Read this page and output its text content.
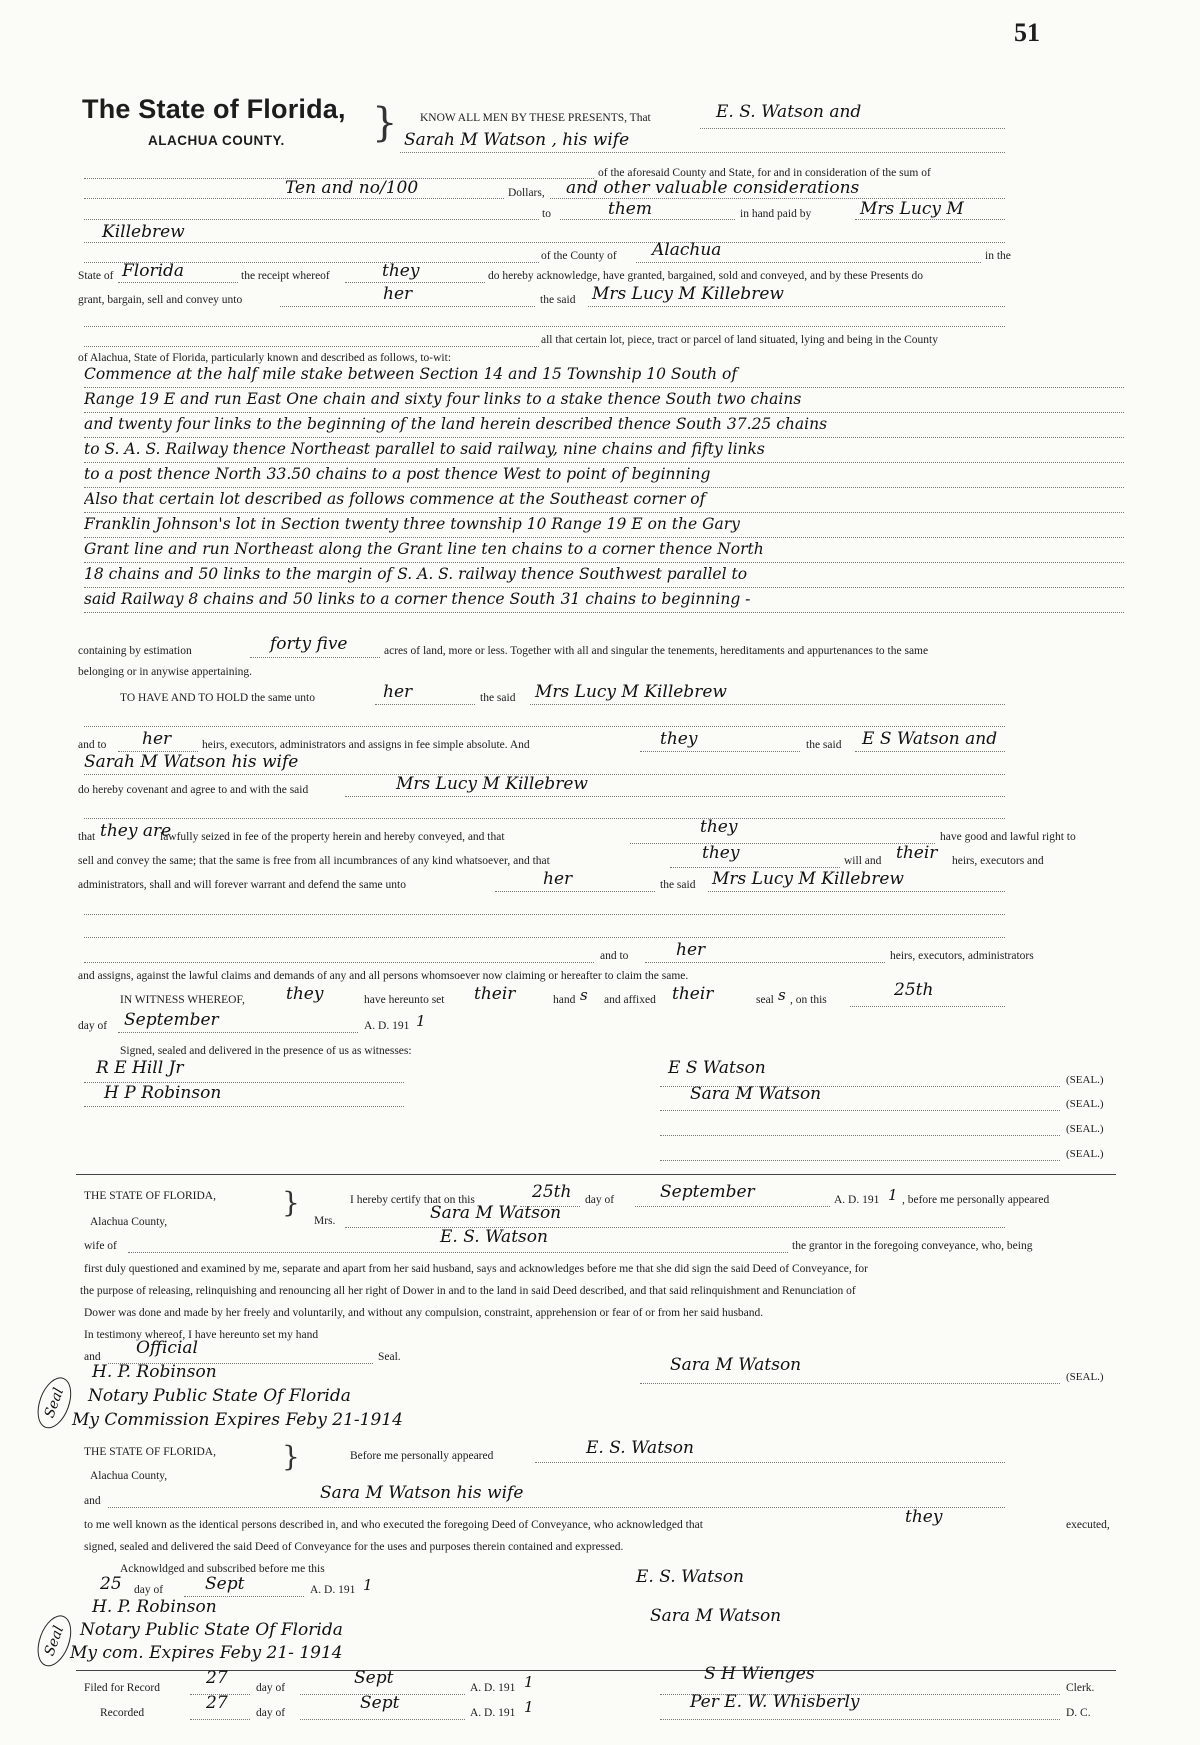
51
The State of Florida,
ALACHUA COUNTY. } KNOW ALL MEN BY THESE PRESENTS, That	E. S. Watson and
Sarah M Watson , his wife
of the aforesaid County and State, for and in consideration of the sum of
Ten and no/100	Dollars, and other valuable considerations
to	them	in hand paid by	Mrs Lucy M
Killebrew
of the County of Alachua	in the
State of Florida	the receipt whereof	they	do hereby acknowledge, have granted, bargained, sold and conveyed, and by these Presents do
grant, bargain, sell and convey unto	her	the said Mrs Lucy M Killebrew
all that certain lot, piece, tract or parcel of land situated, lying and being in the County
of Alachua, State of Florida, particularly known and described as follows, to-wit:
Commence at the half mile stake between Section 14 and 15 Township 10 South of
Range 19 E and run East One chain and sixty four links to a stake thence South two chains
and twenty four links to the beginning of the land herein described thence South 37.25 chains
to S. A. S. Railway thence Northeast parallel to said railway, nine chains and fifty links
to a post thence North 33.50 chains to a post thence West to point of beginning
Also that certain lot described as follows commence at the Southeast corner of
Franklin Johnson's lot in Section twenty three township 10 Range 19 E on the Gary
Grant line and run Northeast along the Grant line ten chains to a corner thence North
18 chains and 50 links to the margin of S. A. S. railway thence Southwest parallel to
said Railway 8 chains and 50 links to a corner thence South 31 chains to beginning -
containing by estimation	forty five	acres of land, more or less. Together with all and singular the tenements, hereditaments and appurtenances to the same
belonging or in anywise appertaining.
TO HAVE AND TO HOLD the same unto	her	the said Mrs Lucy M Killebrew
and to her	heirs, executors, administrators and assigns in fee simple absolute. And	they	the said E S Watson and
Sarah M Watson his wife
do hereby covenant and agree to and with the said	Mrs Lucy M Killebrew
that they are
lawfully seized in fee of the property herein and hereby conveyed, and that	they	have good and lawful right to
sell and convey the same; that the same is free from all incumbrances of any kind whatsoever, and that	they	will and their heirs, executors and
administrators, shall and will forever warrant and defend the same unto	her	the said Mrs Lucy M Killebrew
and to	her	heirs, executors, administrators
and assigns, against the lawful claims and demands of any and all persons whomsoever now claiming or hereafter to claim the same.
IN WITNESS WHEREOF, they	have hereunto set their	hand s and affixed their	seal s , on this	25th
day of September	A. D. 191 1
Signed, sealed and delivered in the presence of us as witnesses:
R E Hill Jr
H P Robinson
E S Watson
(SEAL.)
Sara M Watson	(SEAL.)
(SEAL.)
(SEAL.)
THE STATE OF FLORIDA, }
Alachua County,
I hereby certify that on this	25th day of	September	A. D. 191 1 , before me personally appeared
Mrs.	Sara M Watson
wife of	E. S. Watson	the grantor in the foregoing conveyance, who, being
first duly questioned and examined by me, separate and apart from her said husband, says and acknowledges before me that she did sign the said Deed of Conveyance, for
the purpose of releasing, relinquishing and renouncing all her right of Dower in and to the land in said Deed described, and that said relinquishment and Renunciation of
Dower was done and made by her freely and voluntarily, and without any compulsion, constraint, apprehension or fear of or from her said husband.
In testimony whereof, I have hereunto set my hand
and Official	Seal.
Seal
H. P. Robinson
Notary Public State Of Florida
My Commission Expires Feby 21-1914
Sara M Watson
(SEAL.)
THE STATE OF FLORIDA, }
Alachua County,
Before me personally appeared	E. S. Watson
and	Sara M Watson his wife
to me well known as the identical persons described in, and who executed the foregoing Deed of Conveyance, who acknowledged that	they	executed,
signed, sealed and delivered the said Deed of Conveyance for the uses and purposes therein contained and expressed.
Acknowldged and subscribed before me this
25 day of Sept	A. D. 191 1
Seal
H. P. Robinson
Notary Public State Of Florida
My com. Expires Feby 21- 1914
E. S. Watson
Sara M Watson
Filed for Record	27 day of	Sept	A. D. 191 1	S H Wienges
Clerk.
Recorded	27 day of	Sept	A. D. 191 1	Per E. W. Whisberly
D. C.
